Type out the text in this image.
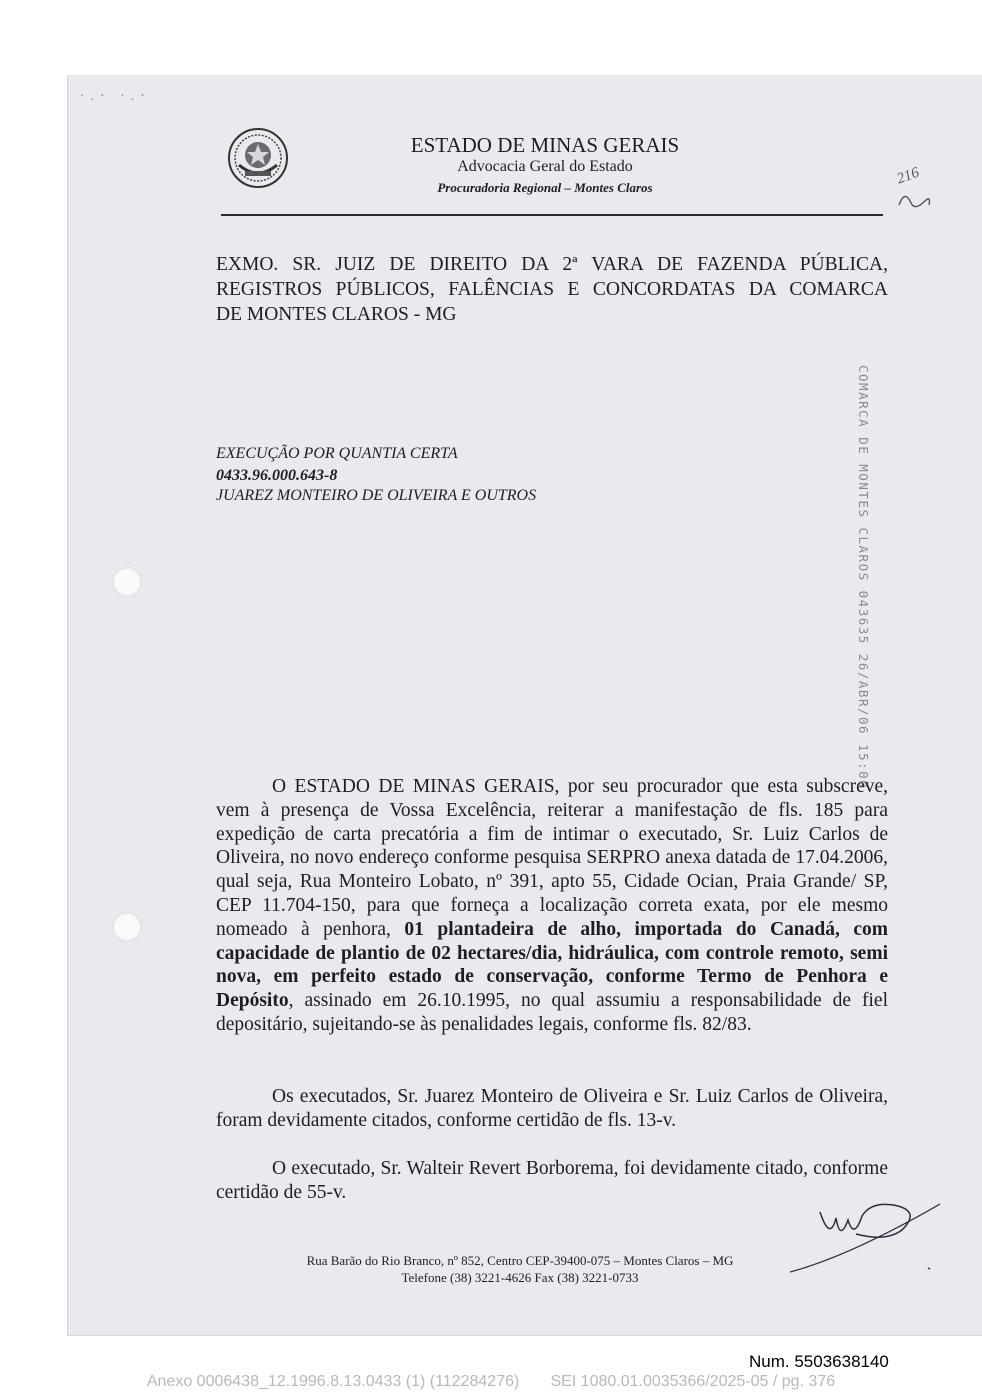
·.‧ ·.‧
ESTADO DE MINAS GERAIS
Advocacia Geral do Estado
Procuradoria Regional – Montes Claros
216
EXMO. SR. JUIZ DE DIREITO DA 2ª VARA DE FAZENDA PÚBLICA, REGISTROS PÚBLICOS, FALÊNCIAS E CONCORDATAS DA COMARCA
DE MONTES CLAROS - MG
EXECUÇÃO POR QUANTIA CERTA
0433.96.000.643-8
JUAREZ MONTEIRO DE OLIVEIRA E OUTROS	COMARCA DE MONTES CLAROS 043635 26/ABR/06 15:00
O ESTADO DE MINAS GERAIS, por seu procurador que esta subscreve, vem à presença de Vossa Excelência, reiterar a manifestação de fls. 185 para expedição de carta precatória a fim de intimar o executado, Sr. Luiz Carlos de Oliveira, no novo endereço conforme pesquisa SERPRO anexa datada de 17.04.2006, qual seja, Rua Monteiro Lobato, nº 391, apto 55, Cidade Ocian, Praia Grande/ SP, CEP 11.704-150, para que forneça a localização correta exata, por ele mesmo nomeado à penhora, 01 plantadeira de alho, importada do Canadá, com capacidade de plantio de 02 hectares/dia, hidráulica, com controle remoto, semi nova, em perfeito estado de conservação, conforme Termo de Penhora e Depósito, assinado em 26.10.1995, no qual assumiu a responsabilidade de fiel depositário, sujeitando-se às penalidades legais, conforme fls. 82/83.
Os executados, Sr. Juarez Monteiro de Oliveira e Sr. Luiz Carlos de Oliveira, foram devidamente citados, conforme certidão de fls. 13-v.
O executado, Sr. Walteir Revert Borborema, foi devidamente citado, conforme certidão de 55-v.
Rua Barão do Rio Branco, nº 852, Centro CEP-39400-075 – Montes Claros – MG
Telefone (38) 3221-4626 Fax (38) 3221-0733
Num. 5503638140
Anexo 0006438_12.1996.8.13.0433 (1) (112284276)       SEI 1080.01.0035366/2025-05 / pg. 376
